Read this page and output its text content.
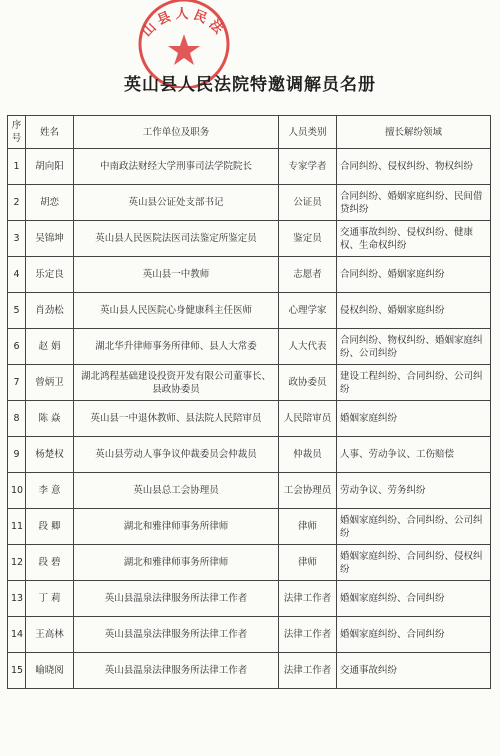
山县人民法
英山县人民法院特邀调解员名册
序号	姓名	工作单位及职务	人员类别	擅长解纷领域
1	胡向阳	中南政法财经大学刑事司法学院院长	专家学者	合同纠纷、侵权纠纷、物权纠纷
2	胡恋	英山县公证处支部书记	公证员	合同纠纷、婚姻家庭纠纷、民间借贷纠纷
3	吴锦坤	英山县人民医院法医司法鉴定所鉴定员	鉴定员	交通事故纠纷、侵权纠纷、健康权、生命权纠纷
4	乐定良	英山县一中教师	志愿者	合同纠纷、婚姻家庭纠纷
5	肖劲松	英山县人民医院心身健康科主任医师	心理学家	侵权纠纷、婚姻家庭纠纷
6	赵 娟	湖北华升律师事务所律师、县人大常委	人大代表	合同纠纷、物权纠纷、婚姻家庭纠纷、公司纠纷
7	曾炳卫	湖北鸿程基础建设投资开发有限公司董事长、县政协委员	政协委员	建设工程纠纷、合同纠纷、公司纠纷
8	陈 焱	英山县一中退休教师、县法院人民陪审员	人民陪审员	婚姻家庭纠纷
9	杨楚权	英山县劳动人事争议仲裁委员会仲裁员	仲裁员	人事、劳动争议、工伤赔偿
10	李 意	英山县总工会协理员	工会协理员	劳动争议、劳务纠纷
11	段 卿	湖北和雅律师事务所律师	律师	婚姻家庭纠纷、合同纠纷、公司纠纷
12	段 碧	湖北和雅律师事务所律师	律师	婚姻家庭纠纷、合同纠纷、侵权纠纷
13	丁 莉	英山县温泉法律服务所法律工作者	法律工作者	婚姻家庭纠纷、合同纠纷
14	王高林	英山县温泉法律服务所法律工作者	法律工作者	婚姻家庭纠纷、合同纠纷
15	喻晓阅	英山县温泉法律服务所法律工作者	法律工作者	交通事故纠纷
